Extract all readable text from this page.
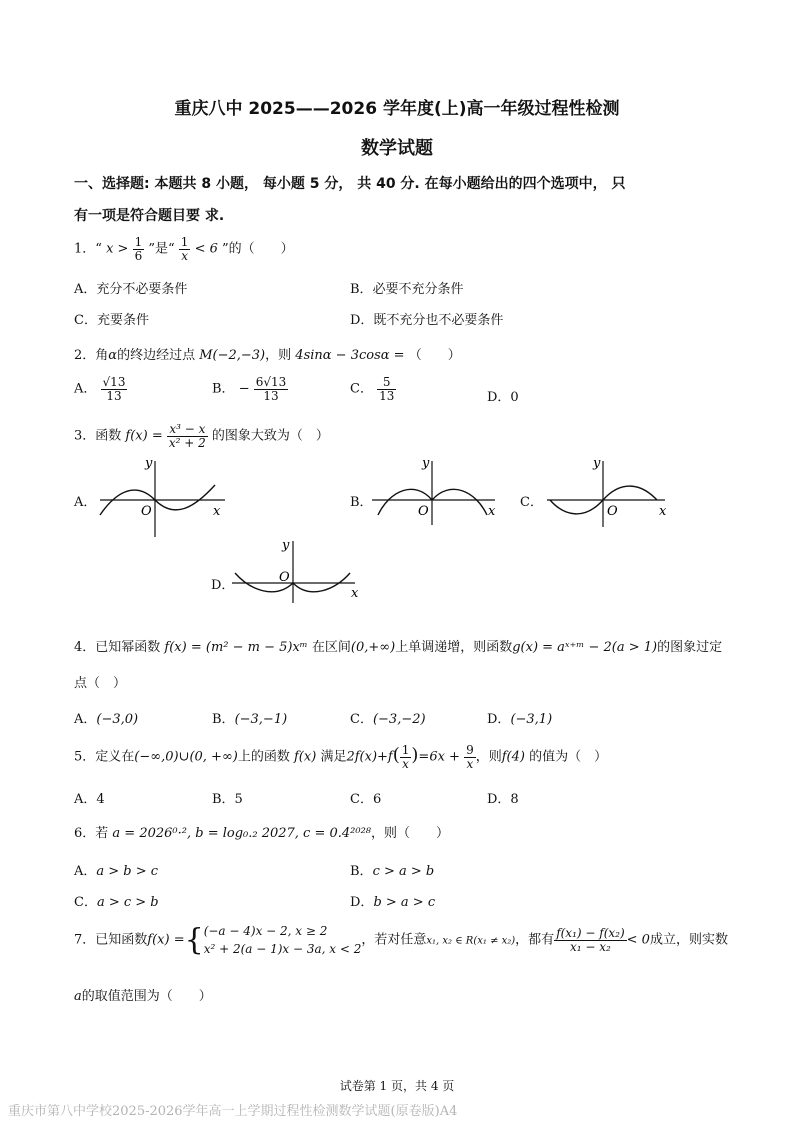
重庆八中 2025——2026 学年度(上)高一年级过程性检测
数学试题
一、选择题: 本题共 8 小题， 每小题 5 分， 共 40 分. 在每小题给出的四个选项中， 只
有一项是符合题目要 求.
1．“ $x > \frac{1}{6}$ ”是“ $\frac{1}{x} < 6$ ”的（　　）
A．充分不必要条件	B．必要不充分条件
C．充要条件	D．既不充分也不必要条件
2．角α的终边经过点 M(−2,−3)，则 4sinα − 3cosα = （　　）
A． $\frac{√13}{13}$	B． − $\frac{6√13}{13}$	C． $\frac{5}{13}$	D．0
3．函数 $f(x) = \frac{\text{x³ − x}}{\text{x² + 2}}$ 的图象大致为（　）
A．
y
O	x
B．
y
O	x
C．
y
O	x
D．
y
O
x
4．已知幂函数 f(x) = (m² − m − 5)xᵐ 在区间(0,+∞)上单调递增，则函数g(x) = aˣ⁺ᵐ − 2(a > 1)的图象过定
点（　）
A．(−3,0)	B．(−3,−1)	C．(−3,−2)	D．(−3,1)
5．定义在(−∞,0)∪(0, +∞)上的函数 f(x) 满足$2f(x)+f( \frac{1}{x} )=6x + \frac{9}{x}$ ，则f(4) 的值为（　）
A．4	B．5	C．6	D．8
6．若 a = 2026⁰·², b = log₀.₂ 2027, c = 0.4²⁰²⁸，则（　　）
A．a > b > c	B．c > a > b
C．a > c > b	D．b > a > c
7．已知函数f(x) ={ (−a − 4)x − 2, x ≥ 2
x² + 2(a − 1)x − 3a, x < 2
，若对任意x₁, x₂ ∈ R(x₁ ≠ x₂)，都有 $\frac{\text{f(x₁) − f(x₂)}}{\text{x₁ − x₂}} < 0$成立，则实数
a的取值范围为（　　）
试卷第 1 页，共 4 页
重庆市第八中学校2025-2026学年高一上学期过程性检测数学试题(原卷版)A4
